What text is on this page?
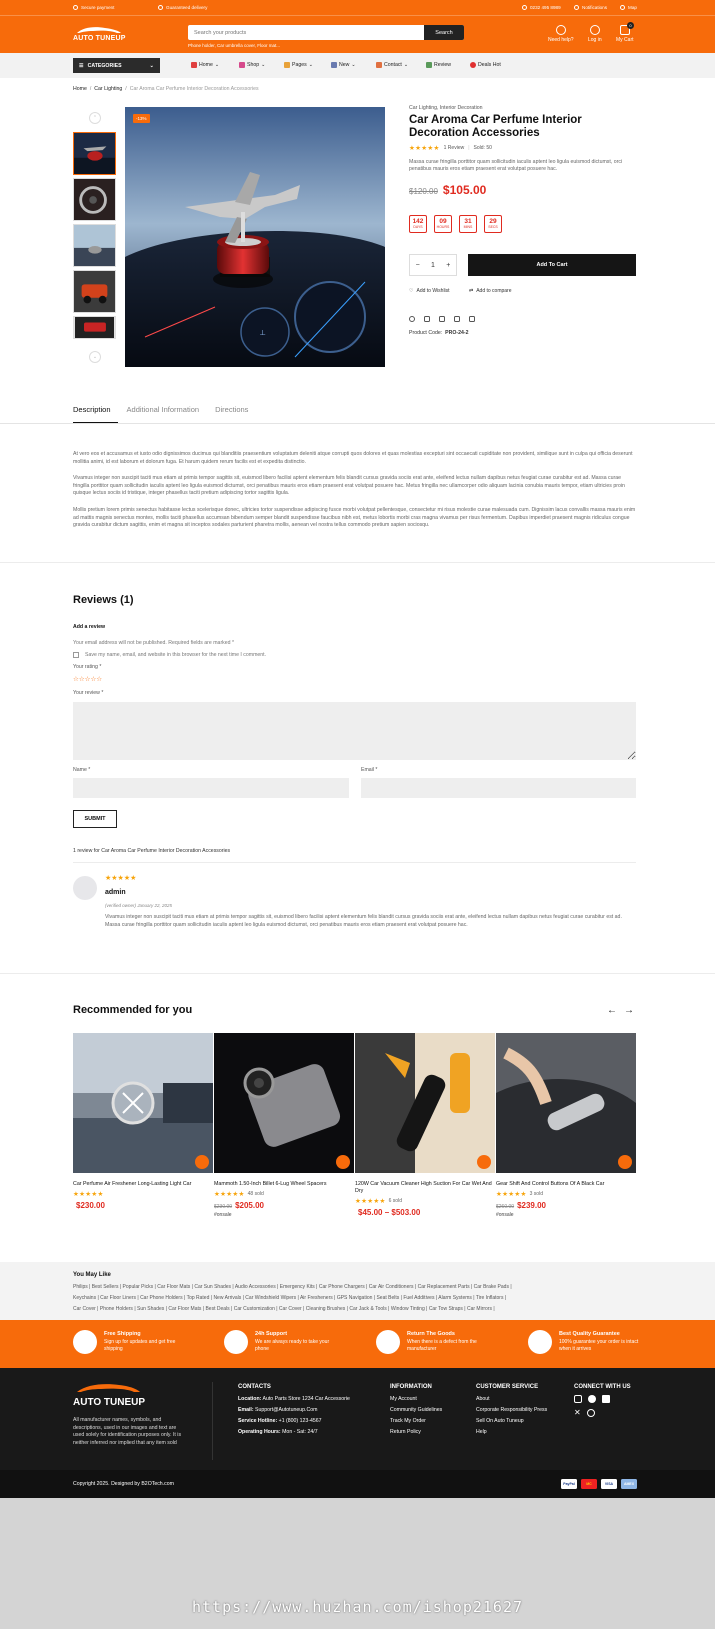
Secure payment	Guaranteed delivery	0232 495 8989	Notifications	Map
AUTO TUNEUP
Search your products
Search
Phone holder, Car umbrella cover, Floor mat...
Need help?	Log in	My Cart
0
☰ CATEGORIES	⌄	Home ⌄	Shop ⌄	Pages ⌄	New ⌄	Contact ⌄	Review	Deals Hot
Home / Car Lighting / Car Aroma Car Perfume Interior Decoration Accessories
⌃
⌄
⟂
-13%
Car Lighting, Interior Decoration
Car Aroma Car Perfume Interior Decoration Accessories
★★★★★ 1 Review | Sold: 50
Massa curae fringilla porttitor quam sollicitudin iaculis aptent leo ligula euismod dictumst, orci penatibus mauris eros etiam praesent erat volutpat posuere hac.
$120.00 $105.00
142
DAYS
09
HOURS
31
MINS
29
SECS
− 1 +	Add To Cart
♡ Add to Wishlist	⇄ Add to compare
Product Code: PRO-24-2
Description Additional Information Directions
At vero eos et accusamus et iusto odio dignissimos ducimus qui blanditiis praesentium voluptatum deleniti atque corrupti quos dolores et quas molestias excepturi sint occaecati cupiditate non provident, similique sunt in culpa qui officia deserunt mollitia animi, id est laborum et dolorum fuga. Et harum quidem rerum facilis est et expedita distinctio.
Vivamus integer non suscipit taciti mus etiam at primis tempor sagittis sit, euismod libero facilisi aptent elementum felis blandit cursus gravida sociis erat ante, eleifend lectus nullam dapibus netus feugiat curae curabitur est ad. Massa curae fringilla porttitor quam sollicitudin iaculis aptent leo ligula euismod dictumst, orci penatibus mauris eros etiam praesent erat volutpat posuere hac. Metus fringilla nec ullamcorper odio aliquam lacinia conubia mauris tempor, etiam ultricies proin quisque lectus sociis id tristique, integer phasellus taciti pretium adipiscing tortor sagittis ligula.
Mollis pretium lorem primis senectus habitasse lectus scelerisque donec, ultricies tortor suspendisse adipiscing fusce morbi volutpat pellentesque, consectetur mi risus molestie curae malesuada cum. Dignissim lacus convallis massa mauris enim ad mattis magnis senectus montes, mollis taciti phasellus accumsan bibendum semper blandit suspendisse faucibus nibh est, metus lobortis morbi cras magna vivamus per risus fermentum. Dapibus imperdiet praesent magnis ridiculus congue gravida curabitur dictum sagittis, enim et magna sit inceptos sodales parturient pharetra mollis, aenean vel nostra tellus commodo pretium sapien sociosqu.
Reviews (1)
Add a review
Your email address will not be published. Required fields are marked *
Save my name, email, and website in this browser for the next time I comment.
Your rating *
☆☆☆☆☆
Your review *
Name *	Email *
SUBMIT
1 review for Car Aroma Car Perfume Interior Decoration Accessories
★★★★★
admin
(verified owner) January 22, 2025
Vivamus integer non suscipit taciti mus etiam at primis tempor sagittis sit, euismod libero facilisi aptent elementum felis blandit cursus gravida sociis erat ante, eleifend lectus nullam dapibus netus feugiat curae curabitur est ad. Massa curae fringilla porttitor quam sollicitudin iaculis aptent leo ligula euismod dictumst, orci penatibus mauris eros etiam praesent erat volutpat posuere hac.
Recommended for you	← →
Car Perfume Air Freshener Long-Lasting Light Car
★★★★★
$230.00
Mammoth 1.50-Inch Billet 6-Lug Wheel Spacers
★★★★★ 48 sold
$230.00 $205.00
#onsale
120W Car Vacuum Cleaner High Suction For Car Wet And Dry
★★★★★ 6 sold
$45.00 – $503.00
Gear Shift And Control Buttons Of A Black Car
★★★★★ 3 sold
$260.00 $239.00
#onsale
You May Like
Philips | Best Sellers | Popular Picks | Car Floor Mats | Car Sun Shades | Audio Accessories | Emergency Kits | Car Phone Chargers | Car Air Conditioners | Car Replacement Parts | Car Brake Pads |
Keychains | Car Floor Liners | Car Phone Holders | Top Rated | New Arrivals | Car Windshield Wipers | Air Fresheners | GPS Navigation | Seat Belts | Fuel Additives | Alarm Systems | Tire Inflators |
Car Cover | Phone Holders | Sun Shades | Car Floor Mats | Best Deals | Car Customization | Car Cover | Cleaning Brushes | Car Jack & Tools | Window Tinting | Car Tow Straps | Car Mirrors |
Free Shipping
Sign up for updates and get free shipping
24h Support
We are always ready to take your phone
Return The Goods
When there is a defect from the manufacturer
Best Quality Guarantee
100% guarantee your order is intact when it arrives
AUTO TUNEUP
All manufacturer names, symbols, and descriptions, used in our images and text are used solely for identification purposes only. It is neither inferred nor implied that any item sold
CONTACTS
Location: Auto Parts Store 1234 Car Accessorie
Email: Support@Autotuneup.Com
Service Hotline: +1 (800) 123-4567
Operating Hours: Mon - Sat: 24/7
INFORMATION
My Account
Community Guidelines
Track My Order
Return Policy
CUSTOMER SERVICE
About
Corporate Responsibility Press
Sell On Auto Tuneup
Help
CONNECT WITH US
✕
Copyright 2025. Designed by B2OTech.com	PayPal	MC	VISA	AMEX
https://www.huzhan.com/ishop21627
